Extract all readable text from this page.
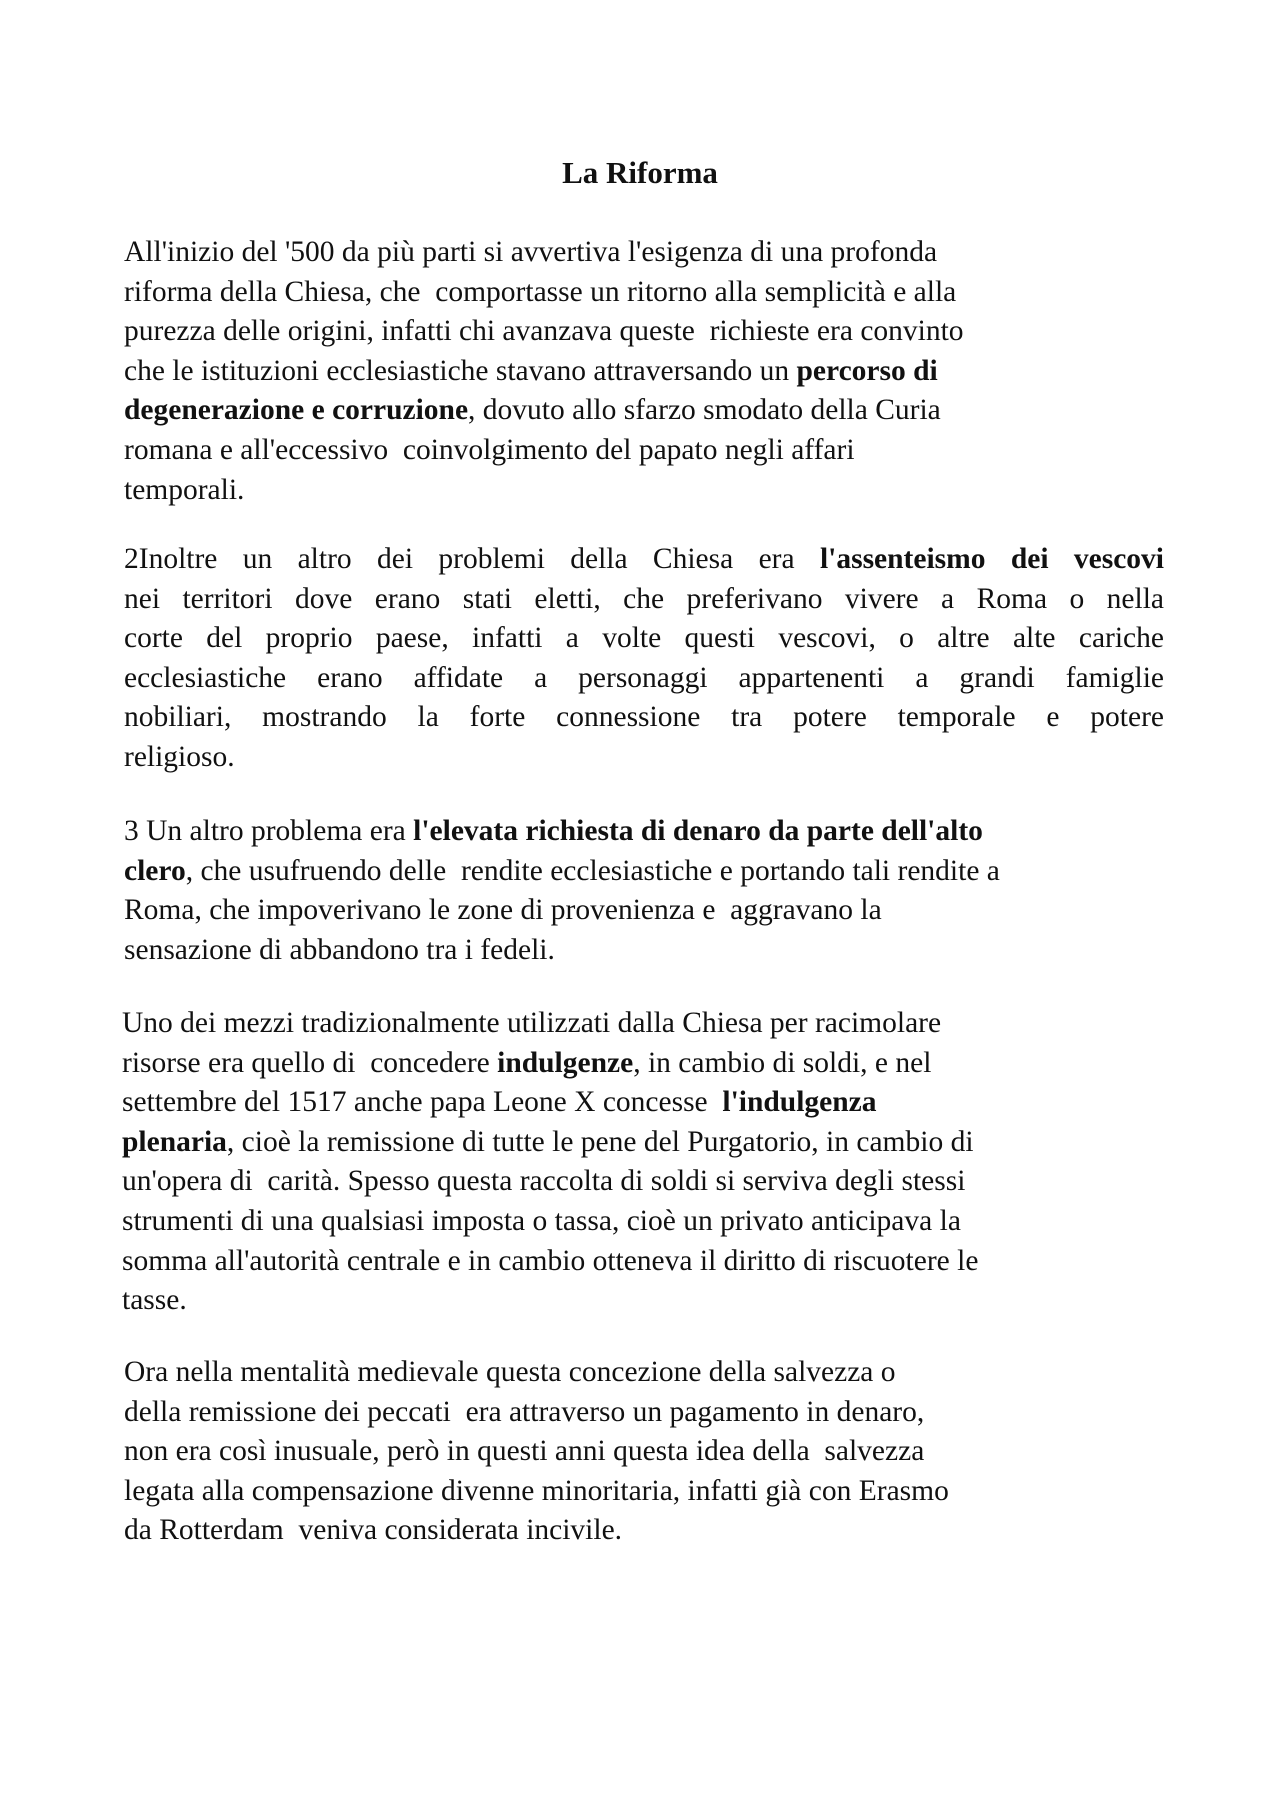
La Riforma
All'inizio del '500 da più parti si avvertiva l'esigenza di una profonda
riforma della Chiesa, che  comportasse un ritorno alla semplicità e alla
purezza delle origini, infatti chi avanzava queste  richieste era convinto
che le istituzioni ecclesiastiche stavano attraversando un percorso di
degenerazione e corruzione, dovuto allo sfarzo smodato della Curia
romana e all'eccessivo  coinvolgimento del papato negli affari
temporali.
2Inoltre un altro dei problemi della Chiesa era l'assenteismo dei vescovi
nei territori dove erano stati eletti, che preferivano vivere a Roma o nella
corte del proprio paese, infatti a volte questi vescovi, o altre alte cariche
ecclesiastiche erano affidate a personaggi appartenenti a grandi famiglie
nobiliari, mostrando la forte connessione tra potere temporale e potere
religioso.
3 Un altro problema era l'elevata richiesta di denaro da parte dell'alto
clero, che usufruendo delle  rendite ecclesiastiche e portando tali rendite a
Roma, che impoverivano le zone di provenienza e  aggravano la
sensazione di abbandono tra i fedeli.
Uno dei mezzi tradizionalmente utilizzati dalla Chiesa per racimolare
risorse era quello di  concedere indulgenze, in cambio di soldi, e nel
settembre del 1517 anche papa Leone X concesse  l'indulgenza
plenaria, cioè la remissione di tutte le pene del Purgatorio, in cambio di
un'opera di  carità. Spesso questa raccolta di soldi si serviva degli stessi
strumenti di una qualsiasi imposta o tassa, cioè un privato anticipava la
somma all'autorità centrale e in cambio otteneva il diritto di riscuotere le
tasse.
Ora nella mentalità medievale questa concezione della salvezza o
della remissione dei peccati  era attraverso un pagamento in denaro,
non era così inusuale, però in questi anni questa idea della  salvezza
legata alla compensazione divenne minoritaria, infatti già con Erasmo
da Rotterdam  veniva considerata incivile.
